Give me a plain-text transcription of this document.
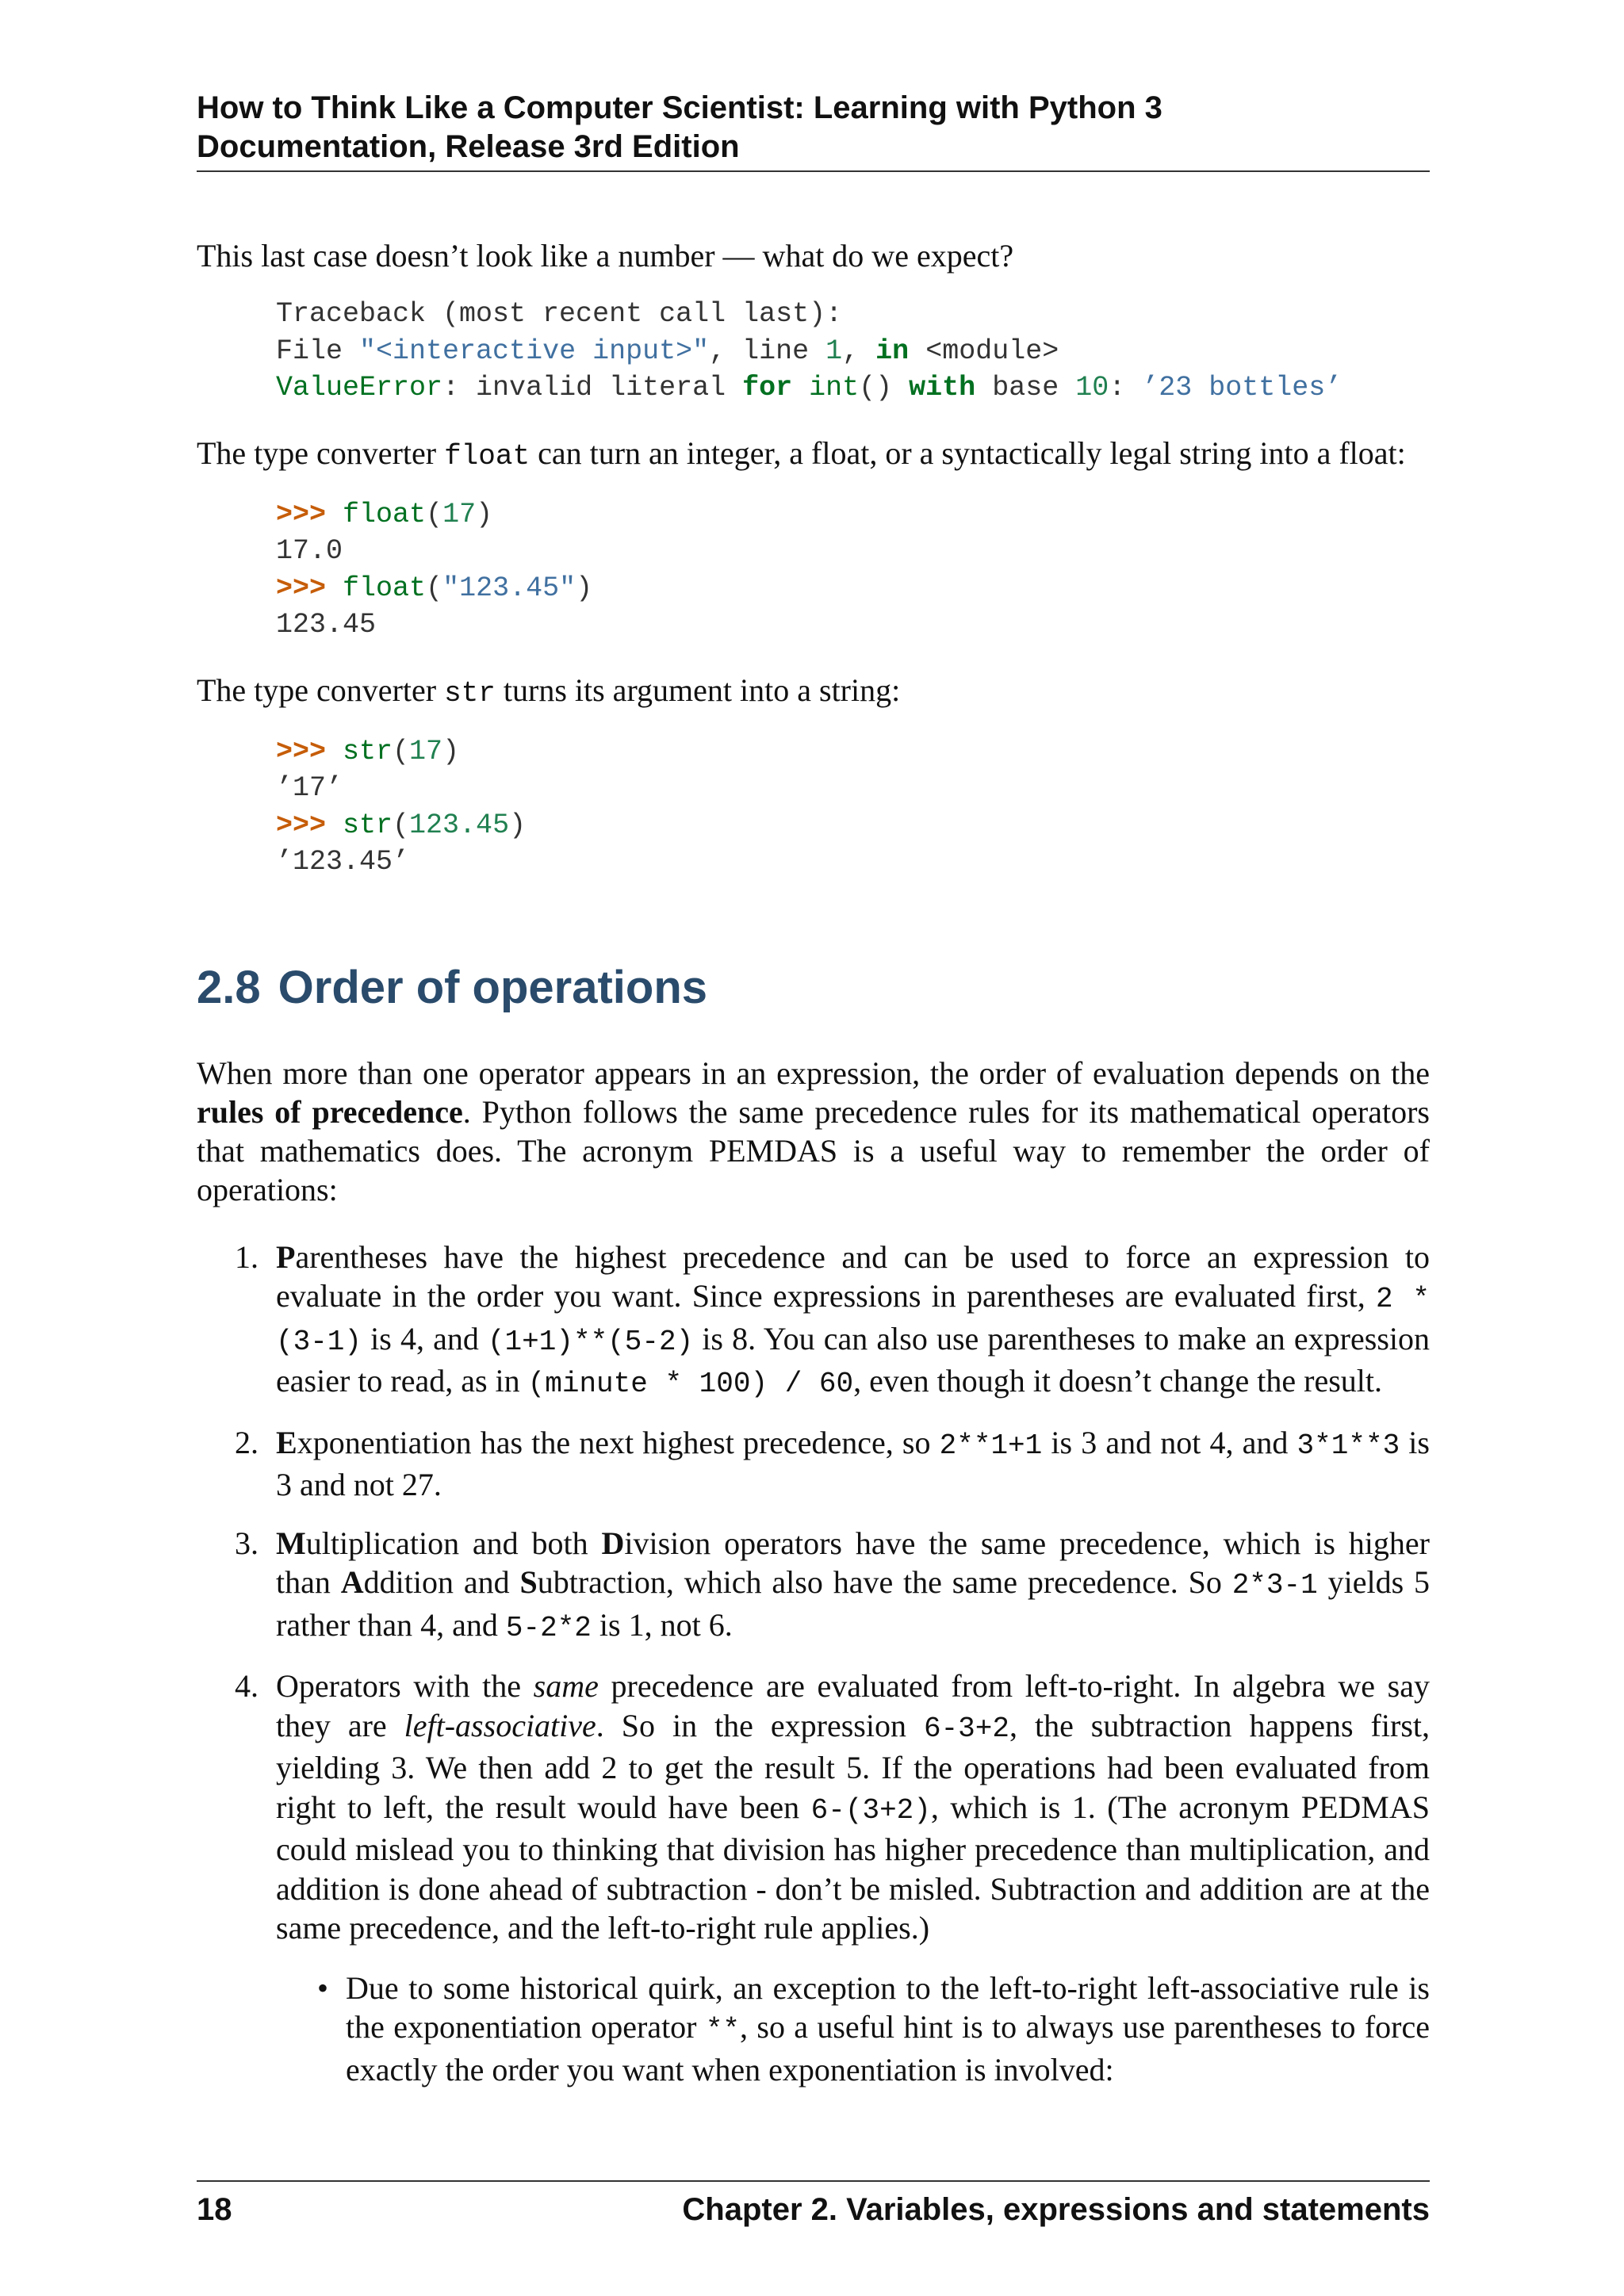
How to Think Like a Computer Scientist: Learning with Python 3
Documentation, Release 3rd Edition

This last case doesn’t look like a number — what do we expect?

Traceback (most recent call last):
File "<interactive input>", line 1, in <module>
ValueError: invalid literal for int() with base 10: ’23 bottles’

The type converter float can turn an integer, a float, or a syntactically legal string into a float:

>>> float(17)
17.0
>>> float("123.45")
123.45

The type converter str turns its argument into a string:

>>> str(17)
’17’
>>> str(123.45)
’123.45’
2.8 Order of operations

When more than one operator appears in an expression, the order of evaluation depends on the rules of precedence. Python follows the same precedence rules for its mathematical operators that mathematics does. The acronym PEMDAS is a useful way to remember the order of operations:

1. Parentheses have the highest precedence and can be used to force an expression to evaluate in the order you want. Since expressions in parentheses are evaluated first, 2 * (3-1) is 4, and (1+1)**(5-2) is 8. You can also use parentheses to make an expression easier to read, as in (minute * 100) / 60, even though it doesn’t change the result.
2. Exponentiation has the next highest precedence, so 2**1+1 is 3 and not 4, and 3*1**3 is 3 and not 27.
3. Multiplication and both Division operators have the same precedence, which is higher than Addition and Subtraction, which also have the same precedence. So 2*3-1 yields 5 rather than 4, and 5-2*2 is 1, not 6.
4. Operators with the same precedence are evaluated from left-to-right. In algebra we say they are left-associative. So in the expression 6-3+2, the subtraction happens first, yielding 3. We then add 2 to get the result 5. If the operations had been evaluated from right to left, the result would have been 6-(3+2), which is 1. (The acronym PEDMAS could mislead you to thinking that division has higher precedence than multiplication, and addition is done ahead of subtraction - don’t be misled. Subtraction and addition are at the same precedence, and the left-to-right rule applies.)
• Due to some historical quirk, an exception to the left-to-right left-associative rule is the exponentiation operator **, so a useful hint is to always use parentheses to force exactly the order you want when exponentiation is involved:
18	Chapter 2. Variables, expressions and statements
